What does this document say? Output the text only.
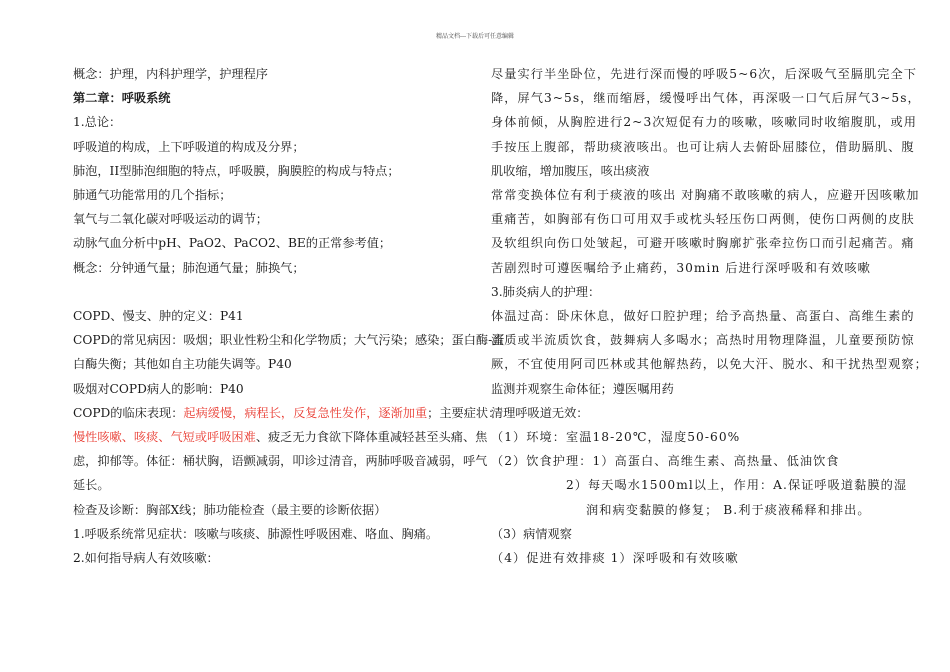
精品文档---下载后可任意编辑
概念：护理，内科护理学，护理程序
第二章：呼吸系统
1.总论：
呼吸道的构成，上下呼吸道的构成及分界；
肺泡，II型肺泡细胞的特点，呼吸膜，胸膜腔的构成与特点；
肺通气功能常用的几个指标；
氧气与二氧化碳对呼吸运动的调节；
动脉气血分析中pH、PaO2、PaCO2、BE的正常参考值；
概念：分钟通气量；肺泡通气量；肺换气；
COPD、慢支、肿的定义：P41
COPD的常见病因：吸烟；职业性粉尘和化学物质；大气污染；感染；蛋白酶-蛋
白酶失衡；其他如自主功能失调等。P40
吸烟对COPD病人的影响：P40
COPD的临床表现：起病缓慢，病程长，反复急性发作，逐渐加重；主要症状：
慢性咳嗽、咳痰、气短或呼吸困难、疲乏无力食欲下降体重减轻甚至头痛、焦
虑，抑郁等。体征：桶状胸，语颤减弱，叩诊过清音，两肺呼吸音减弱，呼气
延长。
检查及诊断：胸部X线；肺功能检查（最主要的诊断依据）
1.呼吸系统常见症状：咳嗽与咳痰、肺源性呼吸困难、咯血、胸痛。
2.如何指导病人有效咳嗽：
尽量实行半坐卧位，先进行深而慢的呼吸5~6次，后深吸气至膈肌完全下
降，屏气3~5s，继而缩唇，缓慢呼出气体，再深吸一口气后屏气3~5s，
身体前倾，从胸腔进行2~3次短促有力的咳嗽，咳嗽同时收缩腹肌，或用
手按压上腹部，帮助痰液咳出。也可让病人去俯卧屈膝位，借助膈肌、腹
肌收缩，增加腹压，咳出痰液
常常变换体位有利于痰液的咳出 对胸痛不敢咳嗽的病人，应避开因咳嗽加
重痛苦，如胸部有伤口可用双手或枕头轻压伤口两侧，使伤口两侧的皮肤
及软组织向伤口处皱起，可避开咳嗽时胸廓扩张牵拉伤口而引起痛苦。痛
苦剧烈时可遵医嘱给予止痛药，30min 后进行深呼吸和有效咳嗽
3.肺炎病人的护理：
体温过高：卧床休息，做好口腔护理；给予高热量、高蛋白、高维生素的
流质或半流质饮食，鼓舞病人多喝水；高热时用物理降温，儿童要预防惊
厥，不宜使用阿司匹林或其他解热药，以免大汗、脱水、和干扰热型观察；
监测并观察生命体征；遵医嘱用药
清理呼吸道无效：
（1）环境：室温18-20℃，湿度50-60%
（2）饮食护理：1）高蛋白、高维生素、高热量、低油饮食
2）每天喝水1500ml以上，作用：A.保证呼吸道黏膜的湿
润和病变黏膜的修复； B.利于痰液稀释和排出。
（3）病情观察
（4）促进有效排痰 1）深呼吸和有效咳嗽
